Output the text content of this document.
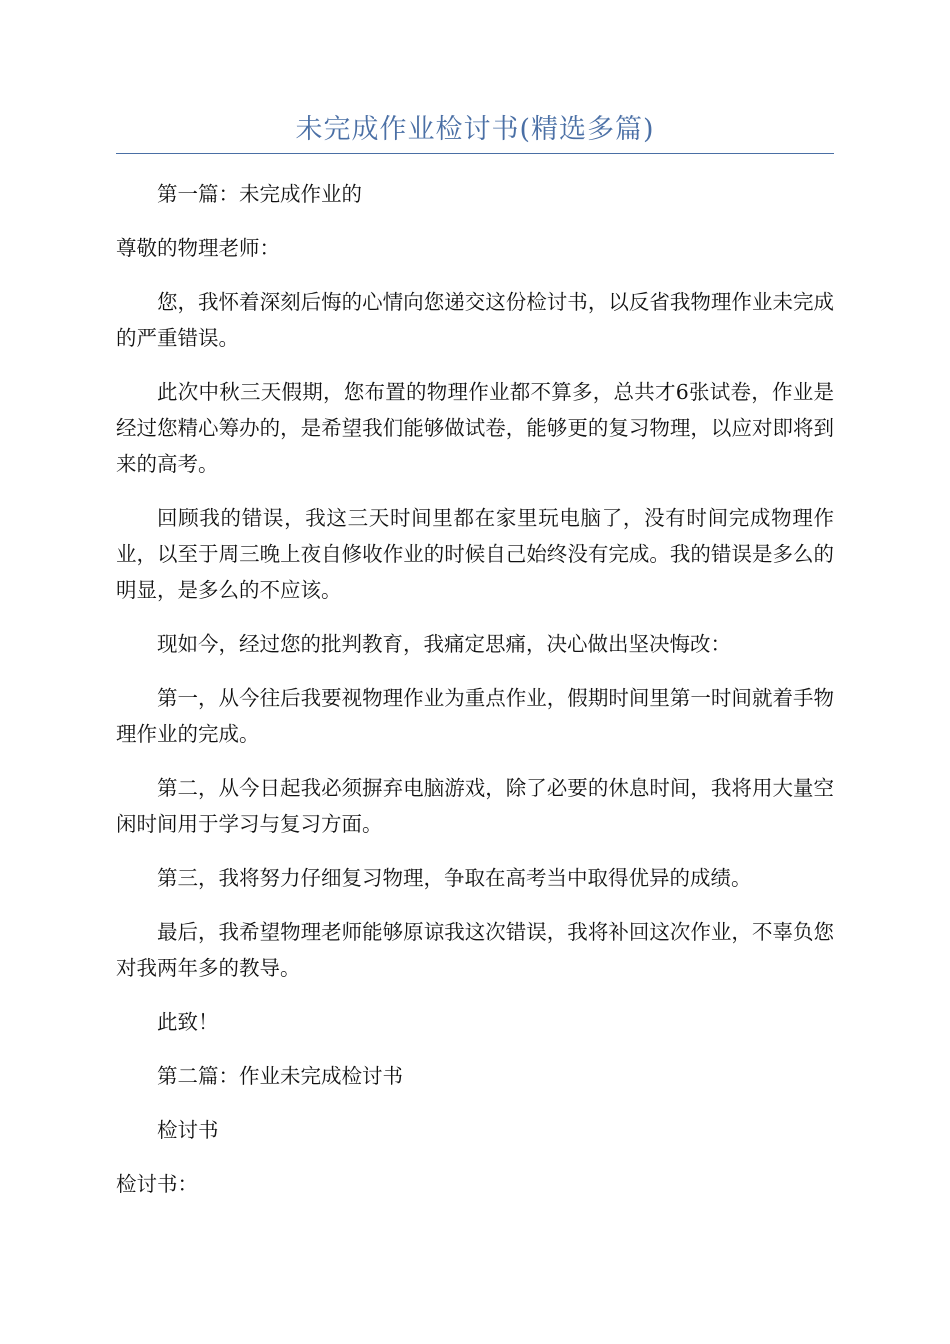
未完成作业检讨书(精选多篇)

第一篇：未完成作业的

尊敬的物理老师：

您，我怀着深刻后悔的心情向您递交这份检讨书，以反省我物理作业未完成的严重错误。

此次中秋三天假期，您布置的物理作业都不算多，总共才6张试卷，作业是经过您精心筹办的，是希望我们能够做试卷，能够更的复习物理，以应对即将到来的高考。

回顾我的错误，我这三天时间里都在家里玩电脑了，没有时间完成物理作业，以至于周三晚上夜自修收作业的时候自己始终没有完成。我的错误是多么的明显，是多么的不应该。

现如今，经过您的批判教育，我痛定思痛，决心做出坚决悔改：

第一，从今往后我要视物理作业为重点作业，假期时间里第一时间就着手物理作业的完成。

第二，从今日起我必须摒弃电脑游戏，除了必要的休息时间，我将用大量空闲时间用于学习与复习方面。

第三，我将努力仔细复习物理，争取在高考当中取得优异的成绩。

最后，我希望物理老师能够原谅我这次错误，我将补回这次作业，不辜负您对我两年多的教导。

此致！

第二篇：作业未完成检讨书

检讨书

检讨书：
